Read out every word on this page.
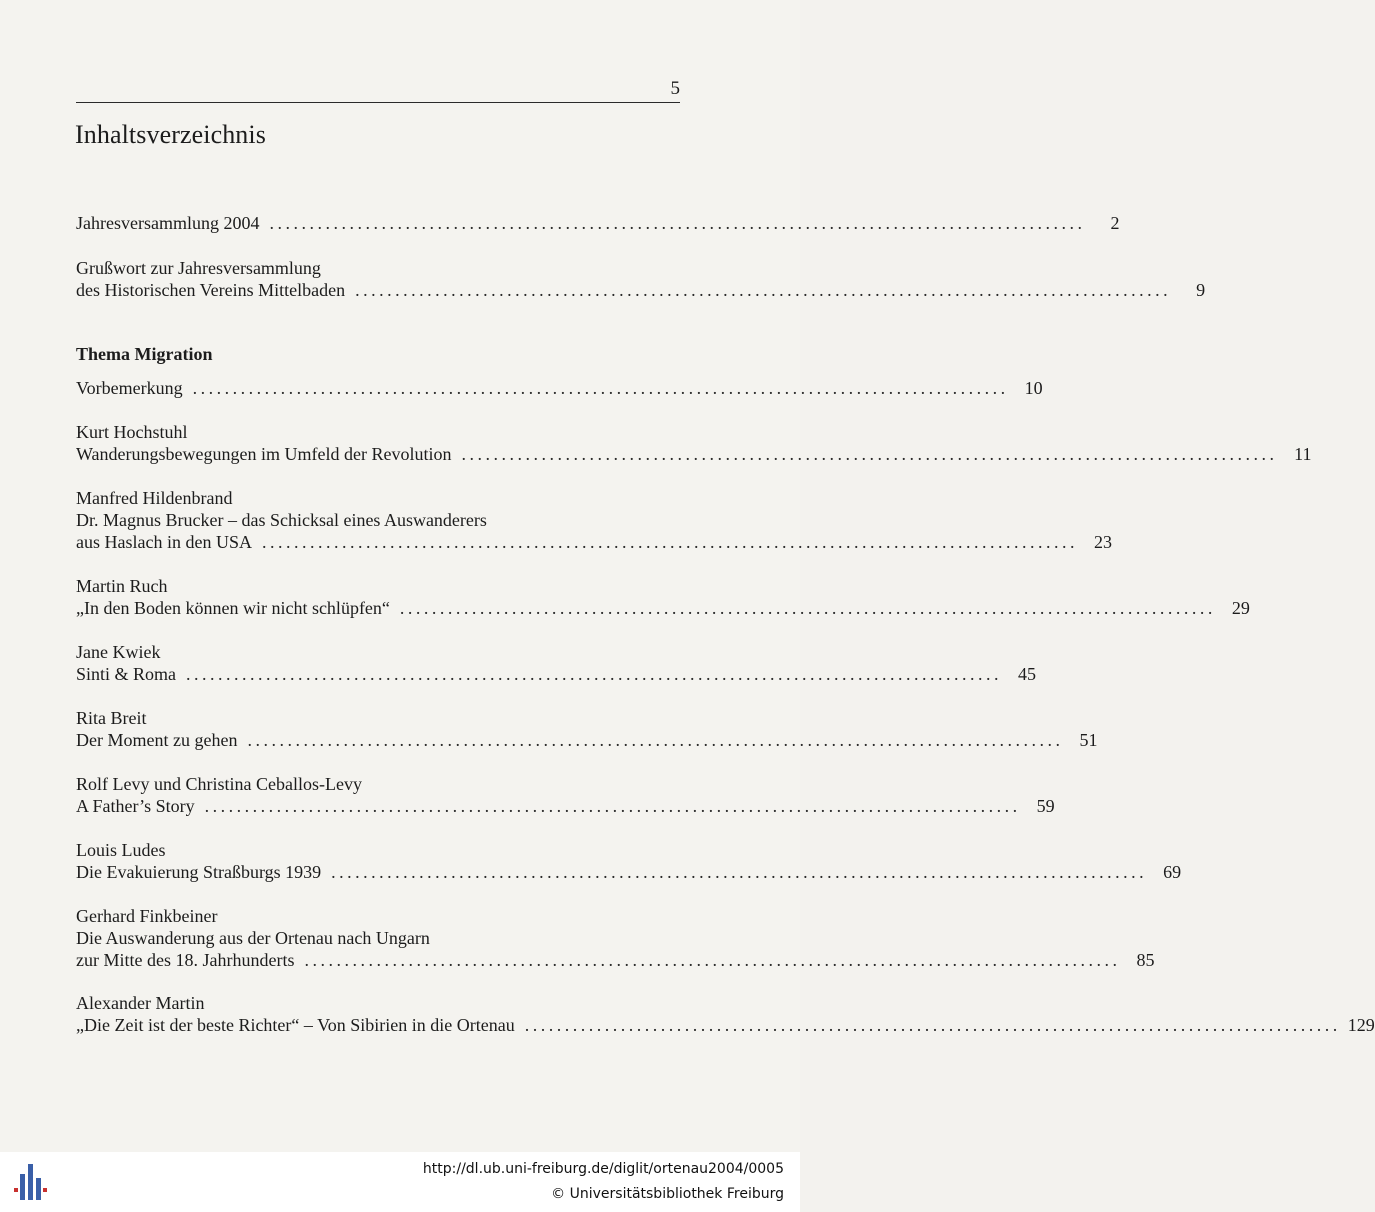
5
Inhaltsverzeichnis
Jahresversammlung 2004 ......................................................................................................	2
Grußwort zur Jahresversammlung
des Historischen Vereins Mittelbaden ......................................................................................................	9
Thema Migration
Vorbemerkung ...................................................................................................... 10
Kurt Hochstuhl
Wanderungsbewegungen im Umfeld der Revolution ...................................................................................................... 11
Manfred Hildenbrand
Dr. Magnus Brucker – das Schicksal eines Auswanderers
aus Haslach in den USA ...................................................................................................... 23
Martin Ruch
„In den Boden können wir nicht schlüpfen“ ...................................................................................................... 29
Jane Kwiek
Sinti & Roma ...................................................................................................... 45
Rita Breit
Der Moment zu gehen ...................................................................................................... 51
Rolf Levy und Christina Ceballos-Levy
A Father’s Story ...................................................................................................... 59
Louis Ludes
Die Evakuierung Straßburgs 1939 ...................................................................................................... 69
Gerhard Finkbeiner
Die Auswanderung aus der Ortenau nach Ungarn
zur Mitte des 18. Jahrhunderts ...................................................................................................... 85
Alexander Martin
„Die Zeit ist der beste Richter“ – Von Sibirien in die Ortenau ...................................................................................................... 129
http://dl.ub.uni-freiburg.de/diglit/ortenau2004/0005
© Universitätsbibliothek Freiburg
